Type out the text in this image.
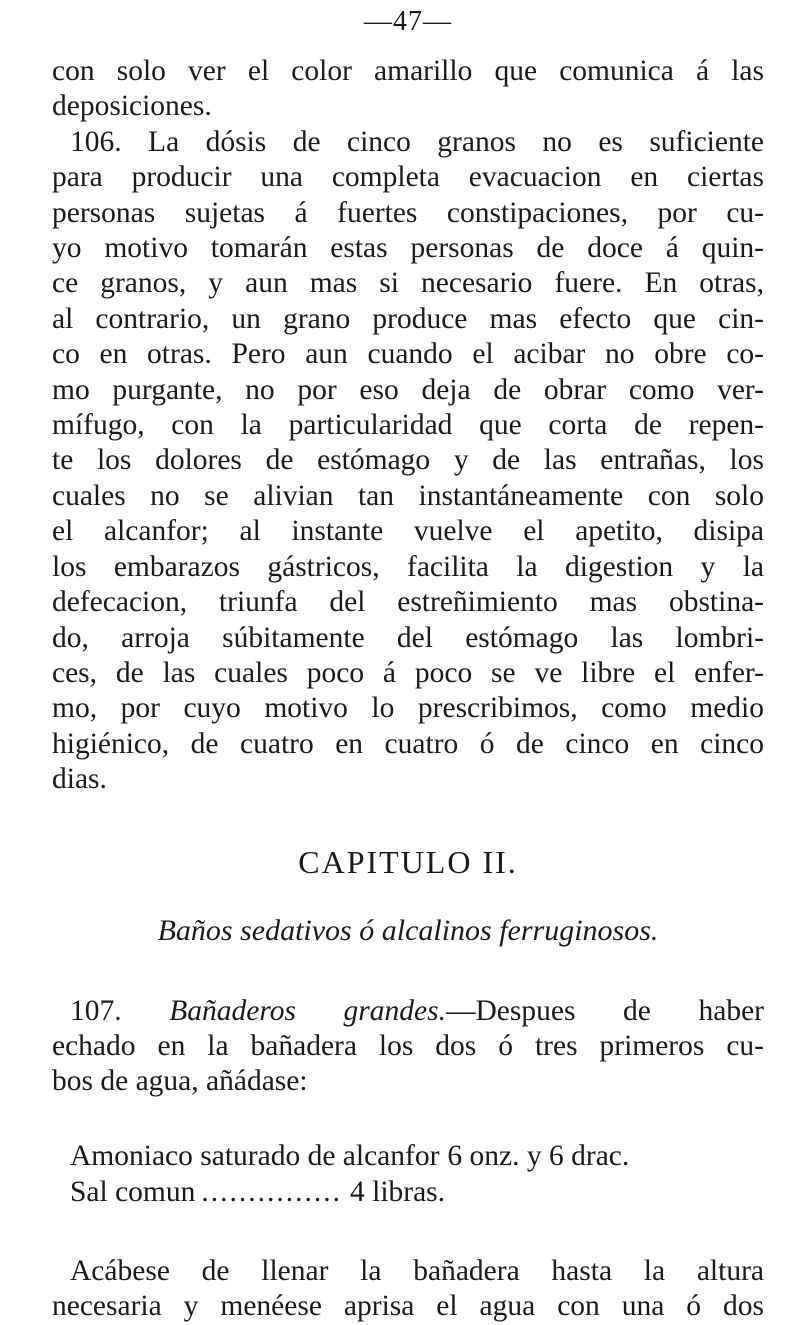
—47—

con solo ver el color amarillo que comunica á las
deposiciones.

106. La dósis de cinco granos no es suficiente

para producir una completa evacuacion en ciertas
personas sujetas á fuertes constipaciones, por cu-
yo motivo tomarán estas personas de doce á quin-
ce granos, y aun mas si necesario fuere. En otras,
al contrario, un grano produce mas efecto que cin-
co en otras. Pero aun cuando el acibar no obre co-
mo purgante, no por eso deja de obrar como ver-
mífugo, con la particularidad que corta de repen-
te los dolores de estómago y de las entrañas, los
cuales no se alivian tan instantáneamente con solo
el alcanfor; al instante vuelve el apetito, disipa
los embarazos gástricos, facilita la digestion y la
defecacion, triunfa del estreñimiento mas obstina-
do, arroja súbitamente del estómago las lombri-
ces, de las cuales poco á poco se ve libre el enfer-
mo, por cuyo motivo lo prescribimos, como medio
higiénico, de cuatro en cuatro ó de cinco en cinco
dias.

CAPITULO II.
Baños sedativos ó alcalinos ferruginosos.

107. Bañaderos grandes.—Despues de haber

echado en la bañadera los dos ó tres primeros cu-
bos de agua, añádase:

Amoniaco saturado de alcanfor 6 onz. y 6 drac.
Sal comun ............... 4 libras.

Acábese de llenar la bañadera hasta la altura

necesaria y menéese aprisa el agua con una ó dos
